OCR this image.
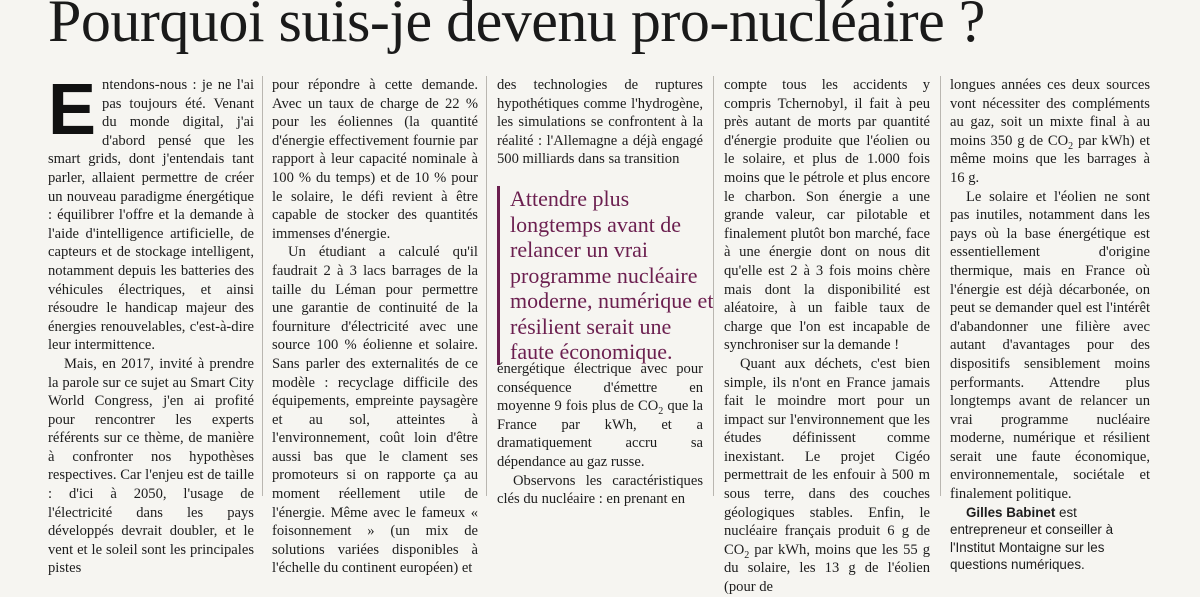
Pourquoi suis-je devenu pro-nucléaire ?

Entendons-nous : je ne l'ai pas toujours été. Venant du monde digital, j'ai d'abord pensé que les smart grids, dont j'entendais tant parler, allaient permettre de créer un nouveau paradigme énergétique : équilibrer l'offre et la demande à l'aide d'intelligence artificielle, de capteurs et de stockage intelligent, notamment depuis les batteries des véhicules électriques, et ainsi résoudre le handicap majeur des énergies renouvelables, c'est-à-dire leur intermittence.

Mais, en 2017, invité à prendre la parole sur ce sujet au Smart City World Congress, j'en ai profité pour rencontrer les experts référents sur ce thème, de manière à confronter nos hypothèses respectives. Car l'enjeu est de taille : d'ici à 2050, l'usage de l'électricité dans les pays développés devrait doubler, et le vent et le soleil sont les principales pistes

pour répondre à cette demande. Avec un taux de charge de 22 % pour les éoliennes (la quantité d'énergie effectivement fournie par rapport à leur capacité nominale à 100 % du temps) et de 10 % pour le solaire, le défi revient à être capable de stocker des quantités immenses d'énergie.

Un étudiant a calculé qu'il faudrait 2 à 3 lacs barrages de la taille du Léman pour permettre une garantie de continuité de la fourniture d'électricité avec une source 100 % éolienne et solaire. Sans parler des externalités de ce modèle : recyclage difficile des équipements, empreinte paysagère et au sol, atteintes à l'environnement, coût loin d'être aussi bas que le clament ses promoteurs si on rapporte ça au moment réellement utile de l'énergie. Même avec le fameux « foisonnement » (un mix de solutions variées disponibles à l'échelle du continent européen) et

des technologies de ruptures hypothétiques comme l'hydrogène, les simulations se confrontent à la réalité : l'Allemagne a déjà engagé 500 milliards dans sa transition

Attendre plus longtemps avant de relancer un vrai programme nucléaire moderne, numérique et résilient serait une faute économique.

énergétique électrique avec pour conséquence d'émettre en moyenne 9 fois plus de $CO_2$ que la France par kWh, et a dramatiquement accru sa dépendance au gaz russe.

Observons les caractéristiques clés du nucléaire : en prenant en

compte tous les accidents y compris Tchernobyl, il fait à peu près autant de morts par quantité d'énergie produite que l'éolien ou le solaire, et plus de 1.000 fois moins que le pétrole et plus encore le charbon. Son énergie a une grande valeur, car pilotable et finalement plutôt bon marché, face à une énergie dont on nous dit qu'elle est 2 à 3 fois moins chère mais dont la disponibilité est aléatoire, à un faible taux de charge que l'on est incapable de synchroniser sur la demande !

Quant aux déchets, c'est bien simple, ils n'ont en France jamais fait le moindre mort pour un impact sur l'environnement que les études définissent comme inexistant. Le projet Cigéo permettrait de les enfouir à 500 m sous terre, dans des couches géologiques stables. Enfin, le nucléaire français produit 6 g de $CO_2$ par kWh, moins que les 55 g du solaire, les 13 g de l'éolien (pour de

longues années ces deux sources vont nécessiter des compléments au gaz, soit un mixte final à au moins 350 g de $CO_2$ par kWh) et même moins que les barrages à 16 g.

Le solaire et l'éolien ne sont pas inutiles, notamment dans les pays où la base énergétique est essentiellement d'origine thermique, mais en France où l'énergie est déjà décarbonée, on peut se demander quel est l'intérêt d'abandonner une filière avec autant d'avantages pour des dispositifs sensiblement moins performants. Attendre plus longtemps avant de relancer un vrai programme nucléaire moderne, numérique et résilient serait une faute économique, environnementale, sociétale et finalement politique.

Gilles Babinet est entrepreneur et conseiller à l'Institut Montaigne sur les questions numériques.
